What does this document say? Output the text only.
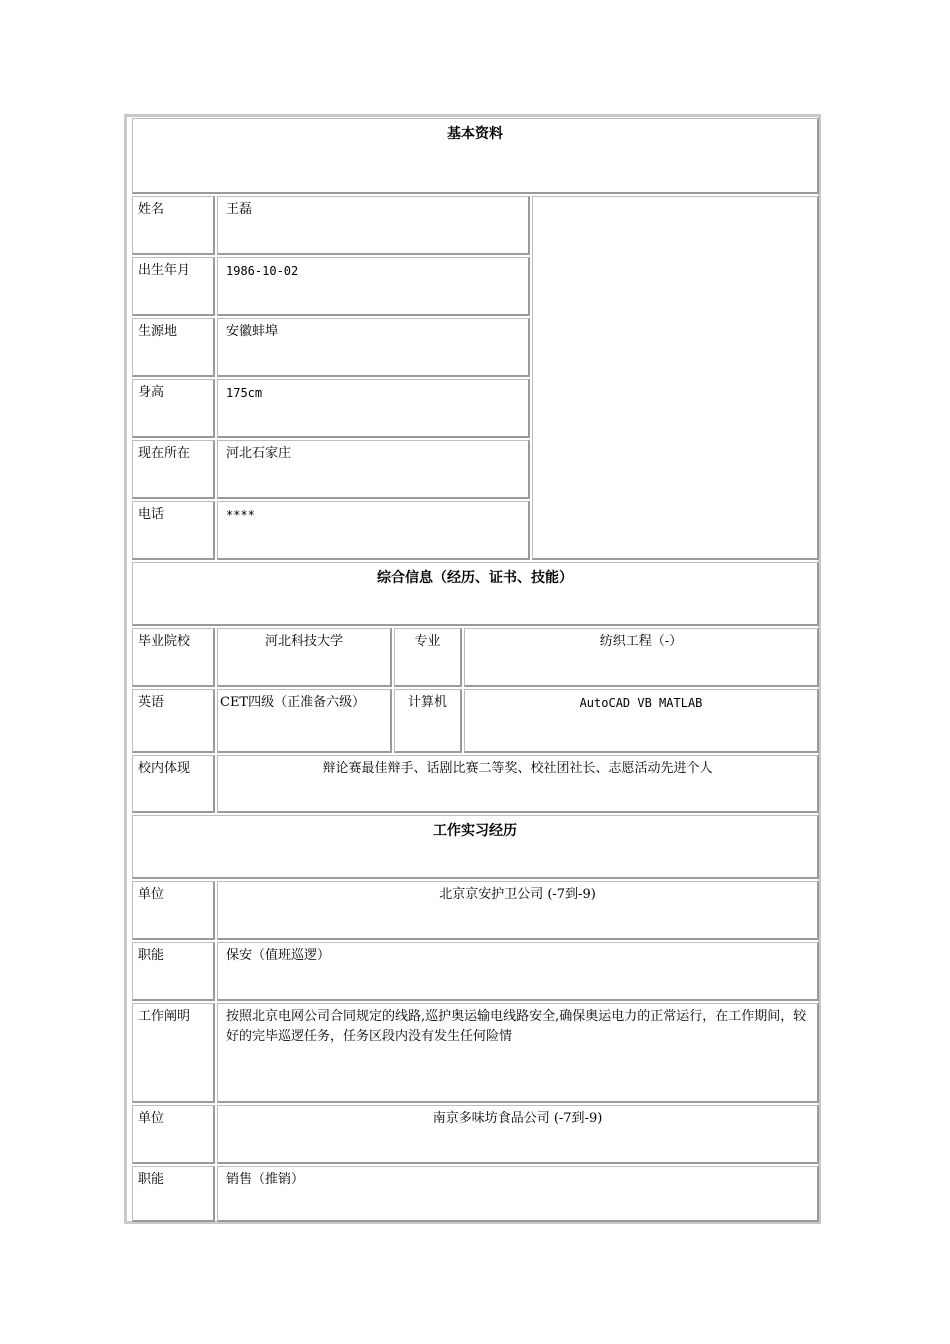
基本资料
姓名	王磊
出生年月	1986-10-02
生源地	安徽蚌埠
身高	175cm
现在所在	河北石家庄
电话	****
综合信息（经历、证书、技能）
毕业院校	河北科技大学	专业	纺织工程（-）
英语	CET四级（正准备六级）	计算机	AutoCAD VB MATLAB
校内体现	辩论赛最佳辩手、话剧比赛二等奖、校社团社长、志愿活动先进个人
工作实习经历
单位	北京京安护卫公司 (-7到-9)
职能	保安（值班巡逻）
工作阐明	按照北京电网公司合同规定的线路,巡护奥运输电线路安全,确保奥运电力的正常运行，在工作期间，较好的完毕巡逻任务，任务区段内没有发生任何险情
单位	南京多味坊食品公司 (-7到-9)
职能	销售（推销）
